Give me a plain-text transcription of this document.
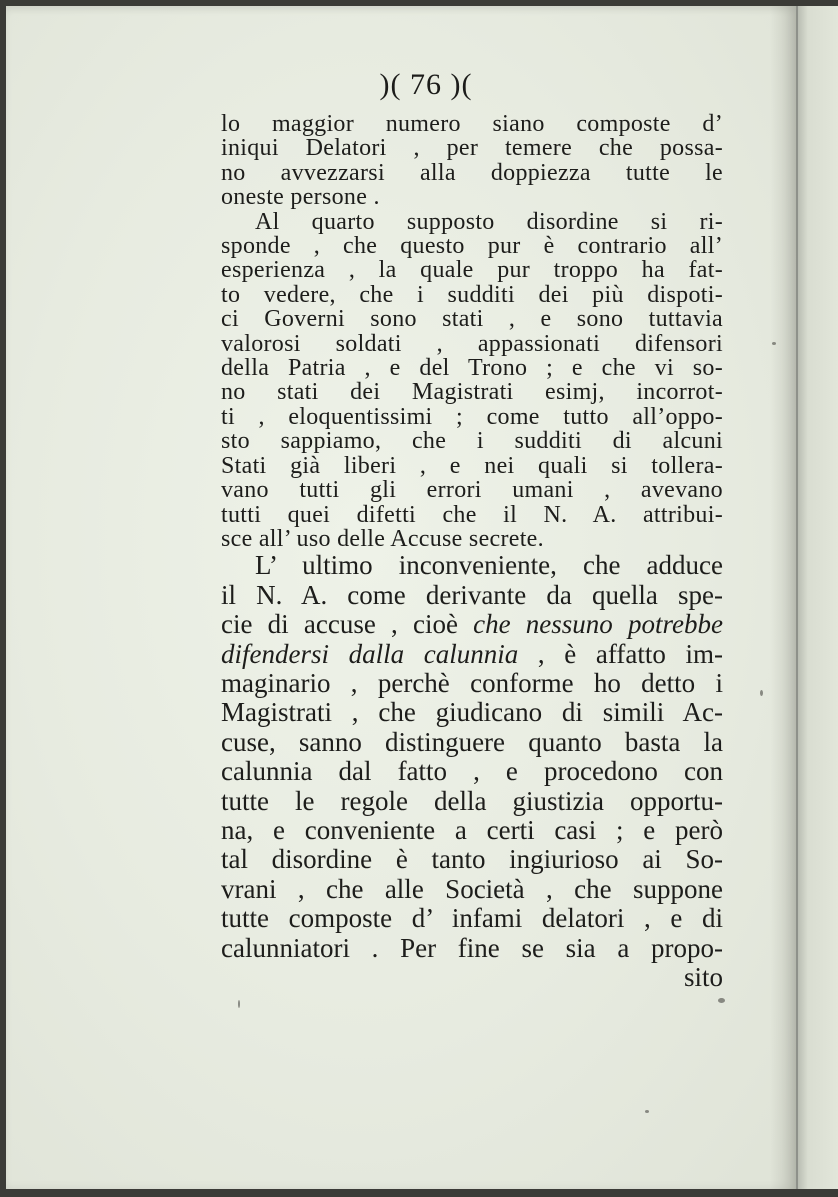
)( 76 )(
lo maggior numero siano composte d’
iniqui Delatori , per temere che possa-
no avvezzarsi alla doppiezza tutte le
oneste persone .
Al quarto supposto disordine si ri-
sponde , che questo pur è contrario all’
esperienza , la quale pur troppo ha fat-
to vedere, che i sudditi dei più dispoti-
ci Governi sono stati , e sono tuttavia
valorosi soldati , appassionati difensori
della Patria , e del Trono ; e che vi so-
no stati dei Magistrati esimj, incorrot-
ti , eloquentissimi ; come tutto all’oppo-
sto sappiamo, che i sudditi di alcuni
Stati già liberi , e nei quali si tollera-
vano tutti gli errori umani , avevano
tutti quei difetti che il N. A. attribui-
sce all’ uso delle Accuse secrete.
L’ ultimo inconveniente, che adduce
il N. A. come derivante da quella spe-
cie di accuse , cioè che nessuno potrebbe
difendersi dalla calunnia , è affatto im-
maginario , perchè conforme ho detto i
Magistrati , che giudicano di simili Ac-
cuse, sanno distinguere quanto basta la
calunnia dal fatto , e procedono con
tutte le regole della giustizia opportu-
na, e conveniente a certi casi ; e però
tal disordine è tanto ingiurioso ai So-
vrani , che alle Società , che suppone
tutte composte d’ infami delatori , e di
calunniatori . Per fine se sia a propo-
sito
